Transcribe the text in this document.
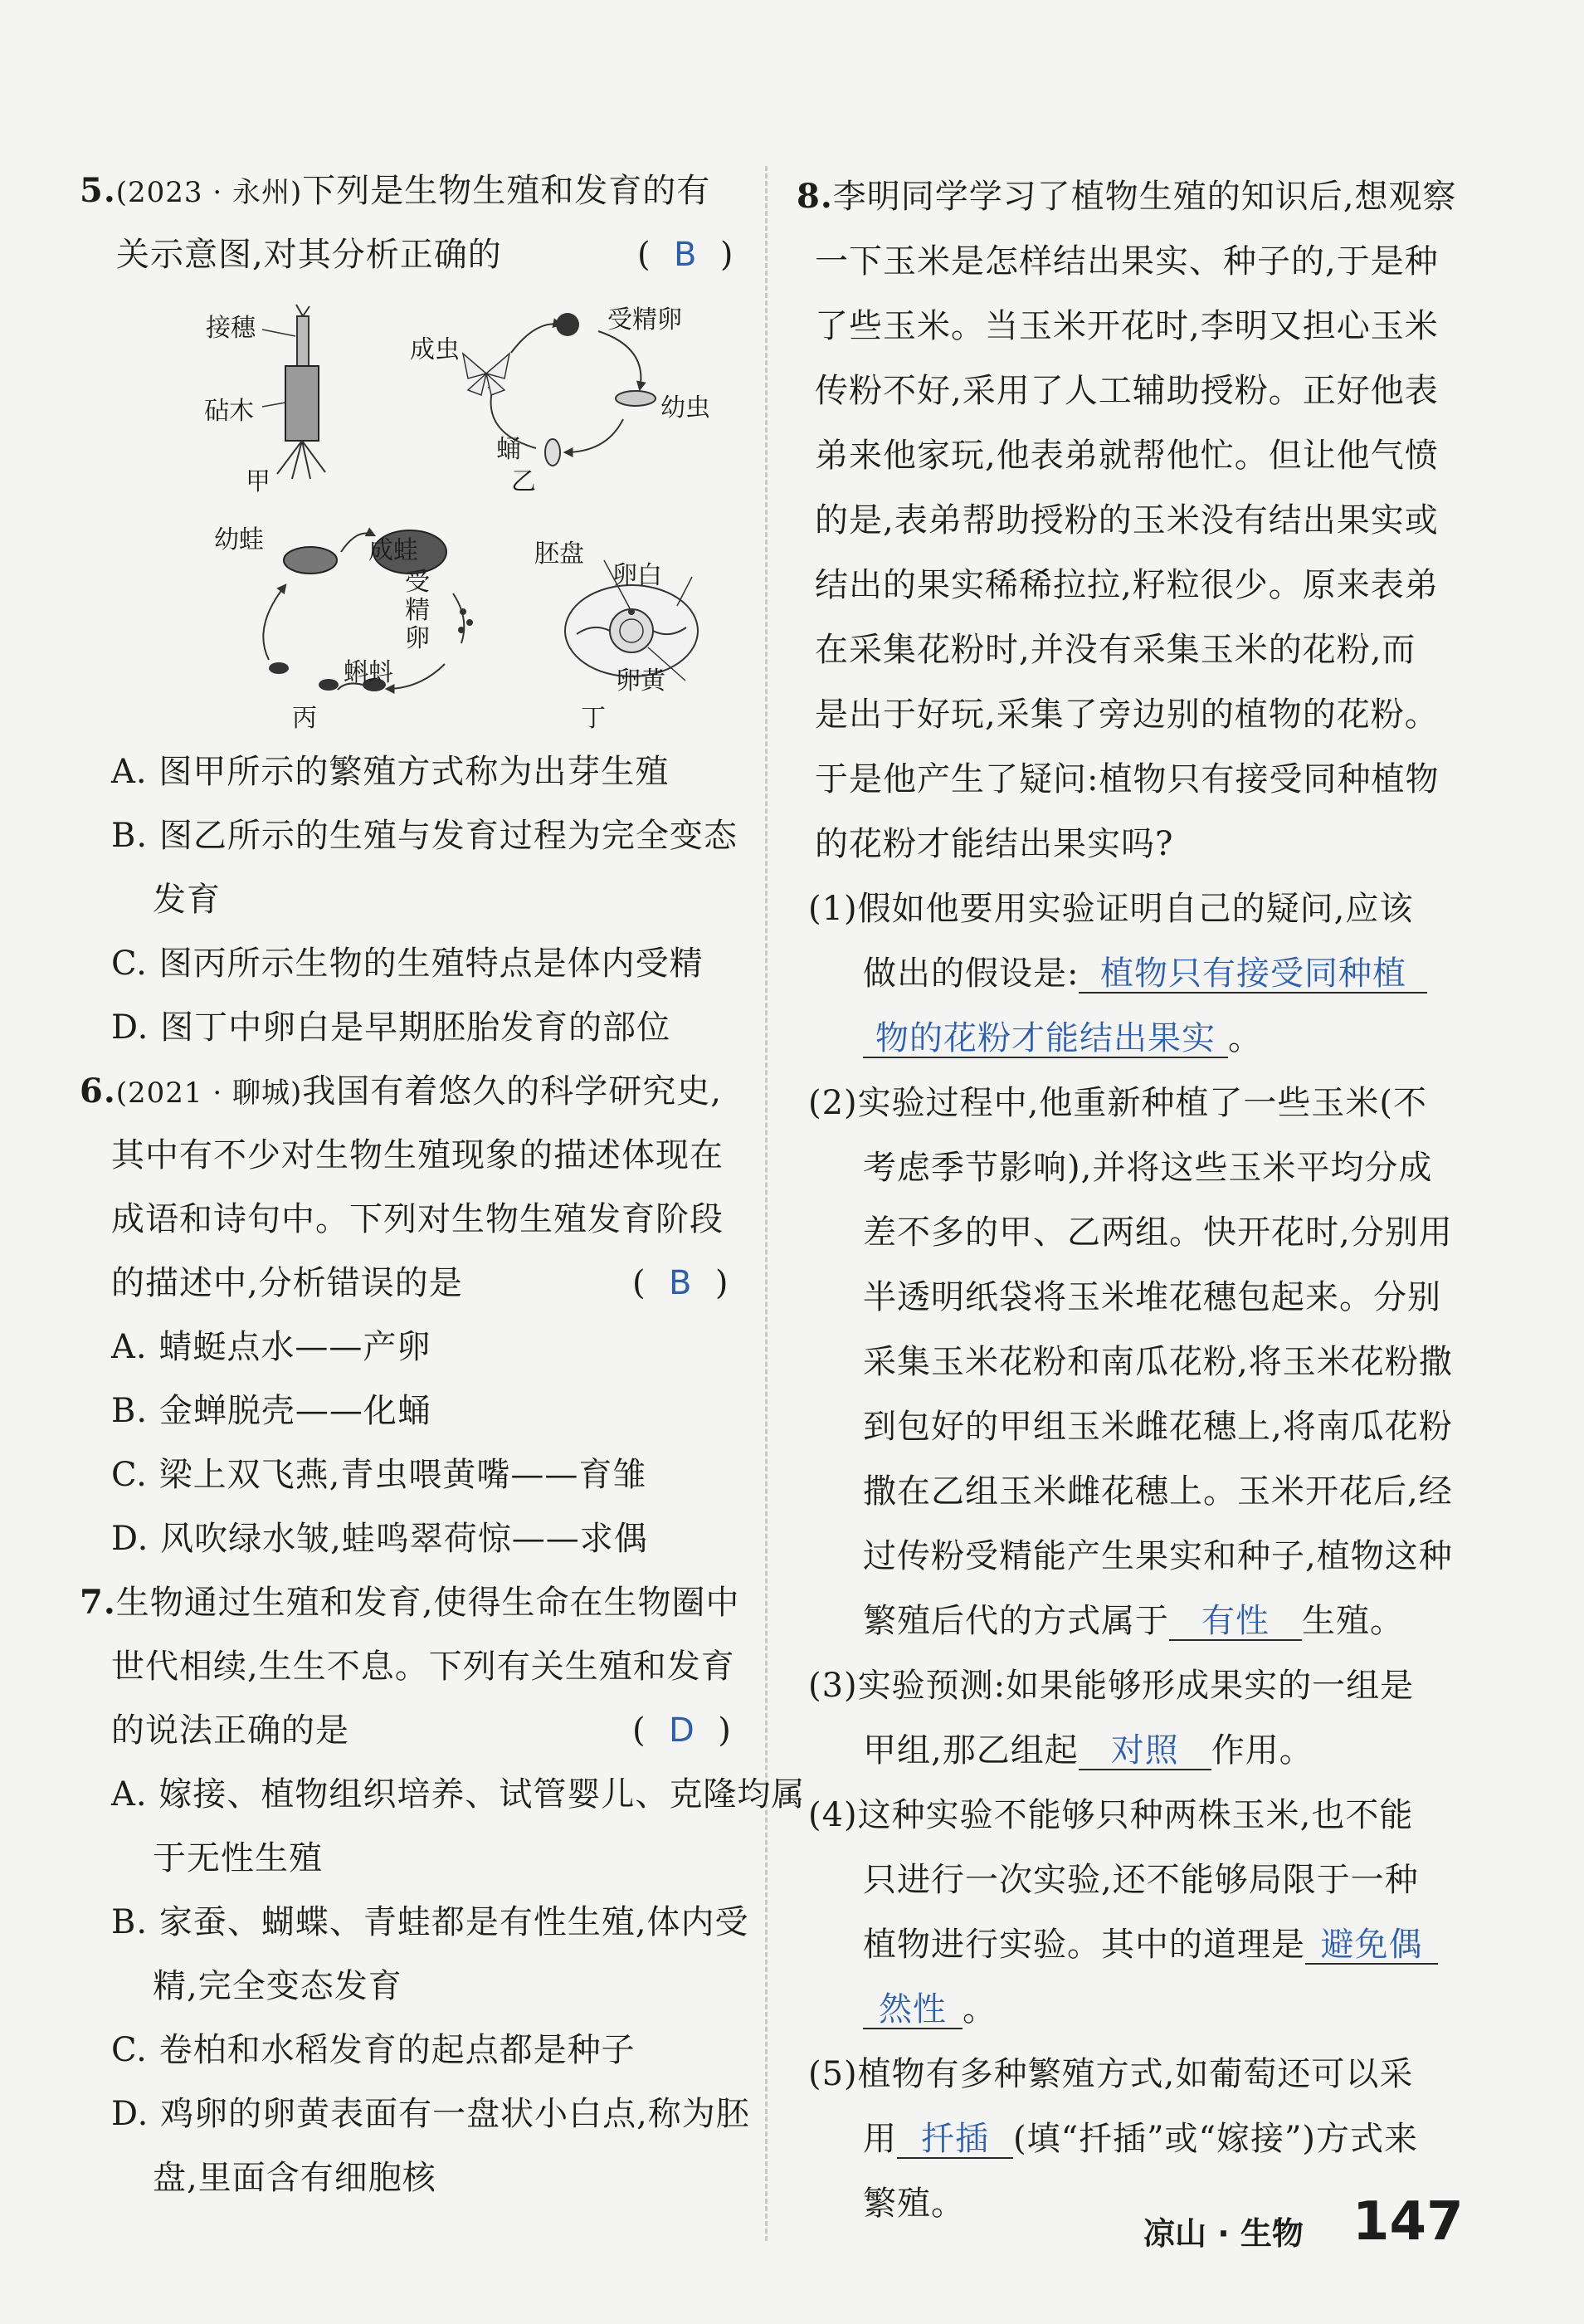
5.(2023 · 永州)下列是生物生殖和发育的有
关示意图,对其分析正确的	(  B  )
接穗
砧木
甲
受精卵
成虫
幼虫
蛹
乙
幼蛙	成蛙
受
精
卵
蝌蚪
丙
胚盘
卵白
卵黄
丁
A. 图甲所示的繁殖方式称为出芽生殖
B. 图乙所示的生殖与发育过程为完全变态
发育
C. 图丙所示生物的生殖特点是体内受精
D. 图丁中卵白是早期胚胎发育的部位
6.(2021 · 聊城)我国有着悠久的科学研究史,
其中有不少对生物生殖现象的描述体现在
成语和诗句中。下列对生物生殖发育阶段
的描述中,分析错误的是	(  B  )
A. 蜻蜓点水——产卵
B. 金蝉脱壳——化蛹
C. 梁上双飞燕,青虫喂黄嘴——育雏
D. 风吹绿水皱,蛙鸣翠荷惊——求偶
7.生物通过生殖和发育,使得生命在生物圈中
世代相续,生生不息。下列有关生殖和发育
的说法正确的是	(  D  )
A. 嫁接、植物组织培养、试管婴儿、克隆均属
于无性生殖
B. 家蚕、蝴蝶、青蛙都是有性生殖,体内受
精,完全变态发育
C. 卷柏和水稻发育的起点都是种子
D. 鸡卵的卵黄表面有一盘状小白点,称为胚
盘,里面含有细胞核
8.李明同学学习了植物生殖的知识后,想观察
一下玉米是怎样结出果实、种子的,于是种
了些玉米。当玉米开花时,李明又担心玉米
传粉不好,采用了人工辅助授粉。正好他表
弟来他家玩,他表弟就帮他忙。但让他气愤
的是,表弟帮助授粉的玉米没有结出果实或
结出的果实稀稀拉拉,籽粒很少。原来表弟
在采集花粉时,并没有采集玉米的花粉,而
是出于好玩,采集了旁边别的植物的花粉。
于是他产生了疑问:植物只有接受同种植物
的花粉才能结出果实吗?
(1)假如他要用实验证明自己的疑问,应该
做出的假设是: 植物只有接受同种植
物的花粉才能结出果实 。
(2)实验过程中,他重新种植了一些玉米(不
考虑季节影响),并将这些玉米平均分成
差不多的甲、乙两组。快开花时,分别用
半透明纸袋将玉米堆花穗包起来。分别
采集玉米花粉和南瓜花粉,将玉米花粉撒
到包好的甲组玉米雌花穗上,将南瓜花粉
撒在乙组玉米雌花穗上。玉米开花后,经
过传粉受精能产生果实和种子,植物这种
繁殖后代的方式属于 有性 生殖。
(3)实验预测:如果能够形成果实的一组是
甲组,那乙组起 对照 作用。
(4)这种实验不能够只种两株玉米,也不能
只进行一次实验,还不能够局限于一种
植物进行实验。其中的道理是 避免偶
然性 。
(5)植物有多种繁殖方式,如葡萄还可以采
用 扦插 (填“扦插”或“嫁接”)方式来
繁殖。
凉山 · 生物 147
